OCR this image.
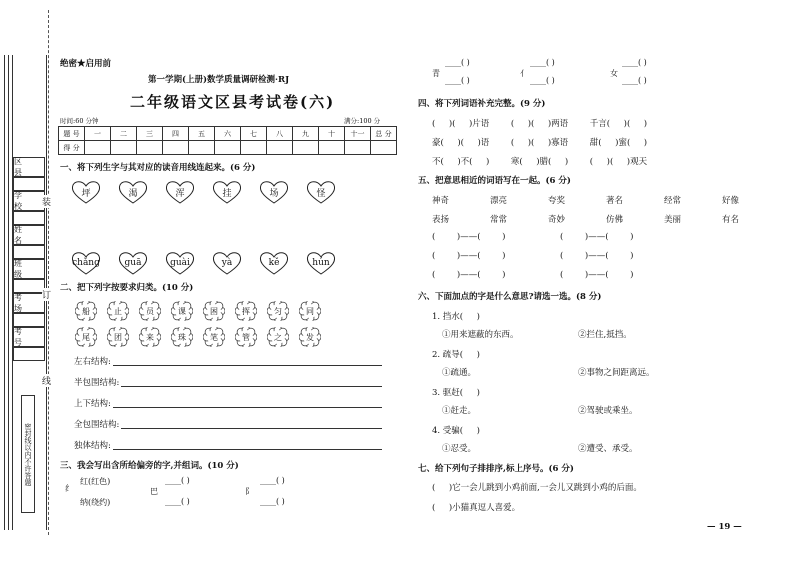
区 县
学 校
姓 名
班 级
考 场
考 号
密封线以内不许答题
装
订
线
绝密★启用前
第一学期(上册)数学质量调研检测·RJ
二年级语文区县考试卷(六)
时间:60 分钟	满分:100 分
题 号	一	二	三	四	五	六	七	八	九	十	十一	总 分
得 分												
一、将下列生字与其对应的读音用线连起来。(6 分)
坪	渴	浑	挂	场	怪
chǎng	guā	guài	yà	kě	hún
二、把下列字按要求归类。(10 分)
船	止	员	课	困	挥	匀	同
尾	团	来	珠	笔	管	之	发
左右结构:
半包围结构:
上下结构:
全包围结构:
独体结构:
三、我会写出含所给偏旁的字,并组词。(10 分)
纟
红(红色)
纳(绕约)
巴
____( )
____( )
阝
____( )
____( )
青
____( )
____( )
亻
____( )
____( )
女
____( )
____( )
四、将下列词语补充完整。(9 分)
(     )(     )片语        (     )(     )两语        千言(     )(     )
豪(     )(     )语        (     )(     )寡语        甜(     )蜜(     )
不(     )不(     )        寒(     )腊(     )        (     )(     )观天
五、把意思相近的词语写在一起。(6 分)
神奇	漂亮	夸奖	著名	经常	好像
表扬	常常	奇妙	仿佛	美丽	有名
(        )——(        )	(        )——(        )
(        )——(        )	(        )——(        )
(        )——(        )	(        )——(        )
六、下面加点的字是什么意思?请选一选。(8 分)
1. 挡水(     )
①用来遮蔽的东西。	②拦住,抵挡。
2. 疏导(     )
①疏通。	②事物之间距离远。
3. 驱赶(     )
①赶走。	②驾驶或乘坐。
4. 受骗(     )
①忍受。	②遭受、承受。
七、给下列句子排排序,标上序号。(6 分)
(     )它一会儿跳到小鸡前面,一会儿又跳到小鸡的后面。
(     )小猫真逗人喜爱。
— 19 —
